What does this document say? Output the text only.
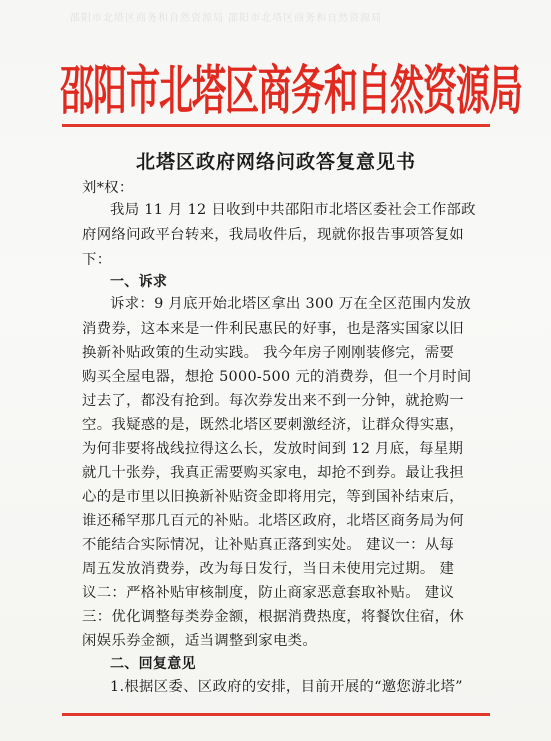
邵阳市北塔区商务和自然资源局 邵阳市北塔区商务和自然资源局
邵阳市北塔区商务和自然资源局
北塔区政府网络问政答复意见书
刘*权：
我局 11 月 12 日收到中共邵阳市北塔区委社会工作部政
府网络问政平台转来，我局收件后，现就你报告事项答复如
下：
一、诉求
诉求：9 月底开始北塔区拿出 300 万在全区范围内发放
消费券，这本来是一件利民惠民的好事，也是落实国家以旧
换新补贴政策的生动实践。 我今年房子刚刚装修完，需要
购买全屋电器，想抢 5000-500 元的消费券，但一个月时间
过去了，都没有抢到。每次券发出来不到一分钟，就抢购一
空。我疑惑的是，既然北塔区要刺激经济，让群众得实惠，
为何非要将战线拉得这么长，发放时间到 12 月底，每星期
就几十张券，我真正需要购买家电，却抢不到券。最让我担
心的是市里以旧换新补贴资金即将用完，等到国补结束后，
谁还稀罕那几百元的补贴。北塔区政府，北塔区商务局为何
不能结合实际情况，让补贴真正落到实处。 建议一：从每
周五发放消费券，改为每日发行，当日未使用完过期。 建
议二：严格补贴审核制度，防止商家恶意套取补贴。 建议
三：优化调整每类券金额，根据消费热度，将餐饮住宿，休
闲娱乐券金额，适当调整到家电类。
二、回复意见
1.根据区委、区政府的安排，目前开展的“邀您游北塔”
